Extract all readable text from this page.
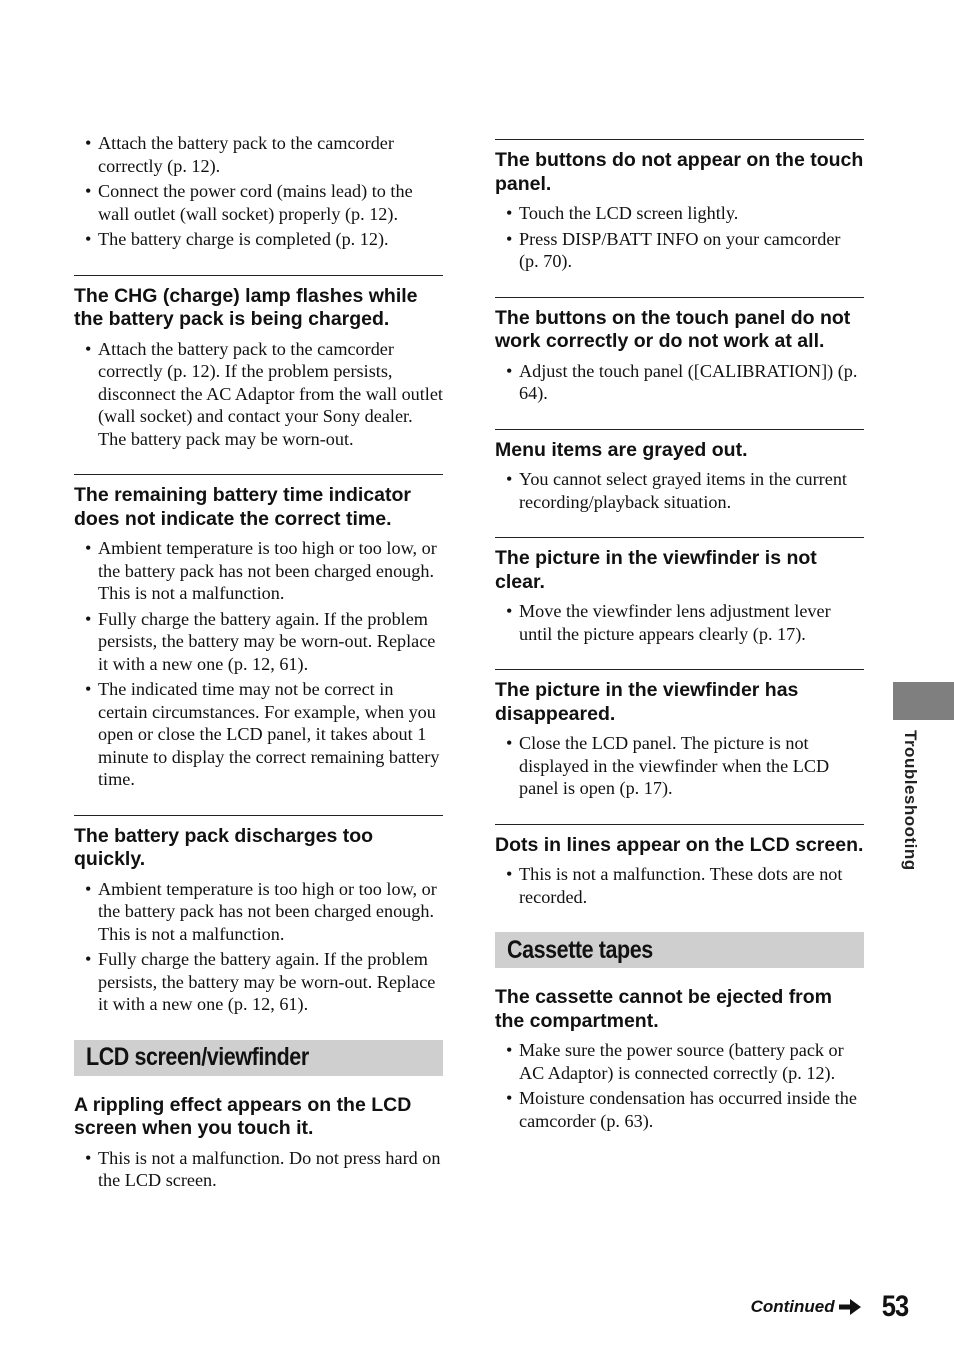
• Attach the battery pack to the camcorder correctly (p. 12).
• Connect the power cord (mains lead) to the wall outlet (wall socket) properly (p. 12).
• The battery charge is completed (p. 12).
The CHG (charge) lamp flashes while the battery pack is being charged.
• Attach the battery pack to the camcorder correctly (p. 12). If the problem persists, disconnect the AC Adaptor from the wall outlet (wall socket) and contact your Sony dealer. The battery pack may be worn-out.
The remaining battery time indicator does not indicate the correct time.
• Ambient temperature is too high or too low, or the battery pack has not been charged enough. This is not a malfunction.
• Fully charge the battery again. If the problem persists, the battery may be worn-out. Replace it with a new one (p. 12, 61).
• The indicated time may not be correct in certain circumstances. For example, when you open or close the LCD panel, it takes about 1 minute to display the correct remaining battery time.
The battery pack discharges too quickly.
• Ambient temperature is too high or too low, or the battery pack has not been charged enough. This is not a malfunction.
• Fully charge the battery again. If the problem persists, the battery may be worn-out. Replace it with a new one (p. 12, 61).
LCD screen/viewfinder
A rippling effect appears on the LCD screen when you touch it.
• This is not a malfunction. Do not press hard on the LCD screen.
The buttons do not appear on the touch panel.
• Touch the LCD screen lightly.
• Press DISP/BATT INFO on your camcorder (p. 70).
The buttons on the touch panel do not work correctly or do not work at all.
• Adjust the touch panel ([CALIBRATION]) (p. 64).
Menu items are grayed out.
• You cannot select grayed items in the current recording/playback situation.
The picture in the viewfinder is not clear.
• Move the viewfinder lens adjustment lever until the picture appears clearly (p. 17).
The picture in the viewfinder has disappeared.
• Close the LCD panel. The picture is not displayed in the viewfinder when the LCD panel is open (p. 17).
Dots in lines appear on the LCD screen.
• This is not a malfunction. These dots are not recorded.
Cassette tapes
The cassette cannot be ejected from the compartment.
• Make sure the power source (battery pack or AC Adaptor) is connected correctly (p. 12).
• Moisture condensation has occurred inside the camcorder (p. 63).
Troubleshooting
Continued 53
